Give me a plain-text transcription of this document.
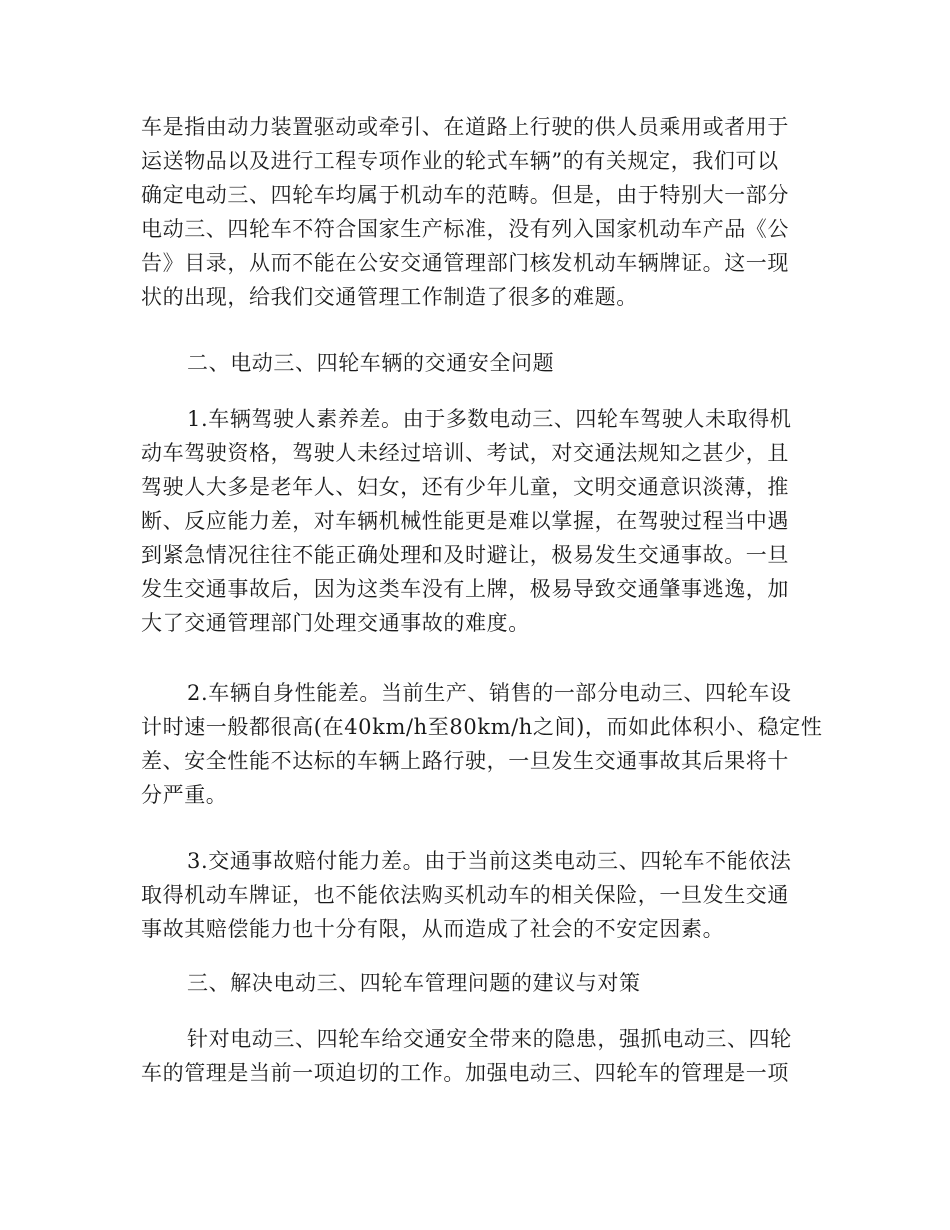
车是指由动力装置驱动或牵引、在道路上行驶的供人员乘用或者用于
运送物品以及进行工程专项作业的轮式车辆”的有关规定，我们可以
确定电动三、四轮车均属于机动车的范畴。但是，由于特别大一部分
电动三、四轮车不符合国家生产标准，没有列入国家机动车产品《公
告》目录，从而不能在公安交通管理部门核发机动车辆牌证。这一现
状的出现，给我们交通管理工作制造了很多的难题。
二、电动三、四轮车辆的交通安全问题
1.车辆驾驶人素养差。由于多数电动三、四轮车驾驶人未取得机
动车驾驶资格，驾驶人未经过培训、考试，对交通法规知之甚少，且
驾驶人大多是老年人、妇女，还有少年儿童，文明交通意识淡薄，推
断、反应能力差，对车辆机械性能更是难以掌握，在驾驶过程当中遇
到紧急情况往往不能正确处理和及时避让，极易发生交通事故。一旦
发生交通事故后，因为这类车没有上牌，极易导致交通肇事逃逸，加
大了交通管理部门处理交通事故的难度。
2.车辆自身性能差。当前生产、销售的一部分电动三、四轮车设
计时速一般都很高(在40km/h至80km/h之间)，而如此体积小、稳定性
差、安全性能不达标的车辆上路行驶，一旦发生交通事故其后果将十
分严重。
3.交通事故赔付能力差。由于当前这类电动三、四轮车不能依法
取得机动车牌证，也不能依法购买机动车的相关保险，一旦发生交通
事故其赔偿能力也十分有限，从而造成了社会的不安定因素。
三、解决电动三、四轮车管理问题的建议与对策
针对电动三、四轮车给交通安全带来的隐患，强抓电动三、四轮
车的管理是当前一项迫切的工作。加强电动三、四轮车的管理是一项
